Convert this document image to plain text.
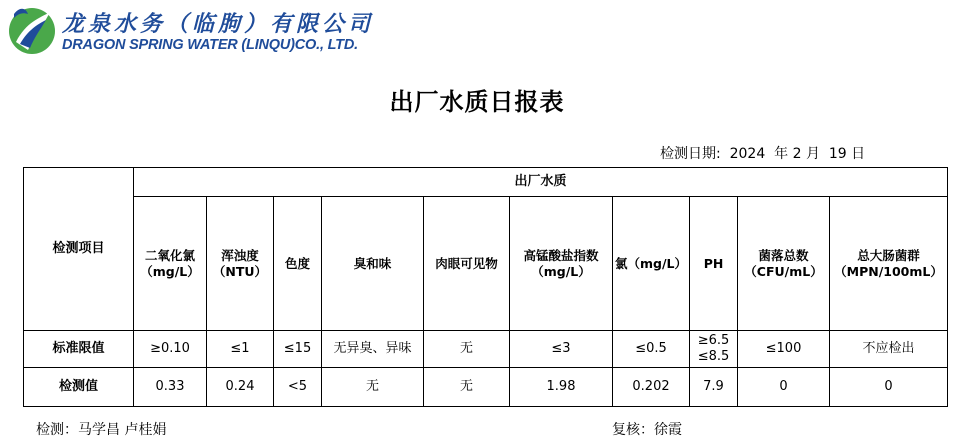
龙泉水务（临朐）有限公司
DRAGON SPRING WATER (LINQU)CO., LTD.
出厂水质日报表
检测日期:  2024  年 2 月  19 日
检测项目	出厂水质									
	二氧化氯（mg/L）	浑浊度（NTU）	色度	臭和味	肉眼可见物	高锰酸盐指数（mg/L）	氯（mg/L）	PH	菌落总数（CFU/mL）	总大肠菌群（MPN/100mL）
标准限值	≥0.10	≤1	≤15	无异臭、异味	无	≤3	≤0.5	≥6.5 ≤8.5	≤100	不应检出
检测值	0.33	0.24	<5	无	无	1.98	0.202	7.9	0	0
检测：马学昌 卢桂娟	复核：徐霞
